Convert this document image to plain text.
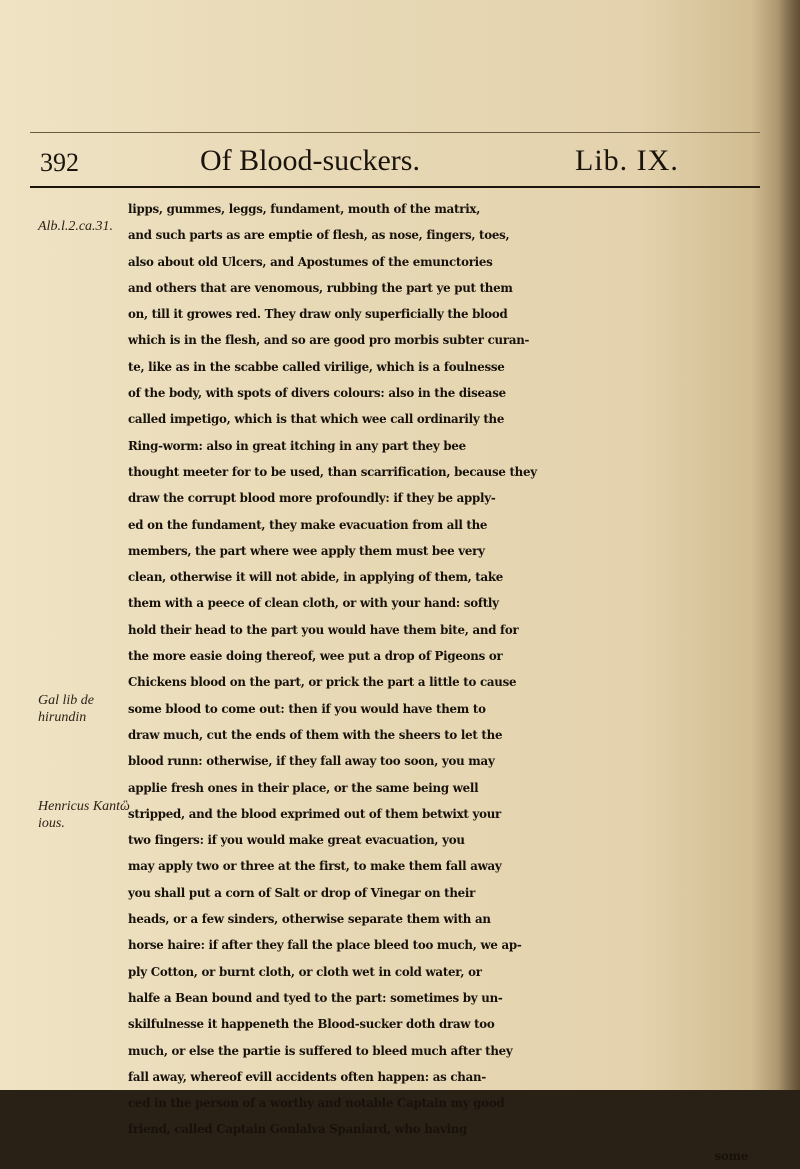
392	Of Blood-suckers.	Lib. IX.
Alb.l.2.ca.31.
Gal lib de hirundin
Henricus Kantὣ ious.
lipps, gummes, leggs, fundament, mouth of the matrix,
and such parts as are emptie of flesh, as nose, fingers, toes,
also about old Ulcers, and Apostumes of the emunctories
and others that are venomous, rubbing the part ye put them
on, till it growes red. They draw only superficially the blood
which is in the flesh, and so are good pro morbis subter curan-
te, like as in the scabbe called virilige, which is a foulnesse
of the body, with spots of divers colours: also in the disease
called impetigo, which is that which wee call ordinarily the
Ring-worm: also in great itching in any part they bee
thought meeter for to be used, than scarrification, because they
draw the corrupt blood more profoundly: if they be apply-
ed on the fundament, they make evacuation from all the
members, the part where wee apply them must bee very
clean, otherwise it will not abide, in applying of them, take
them with a peece of clean cloth, or with your hand: softly
hold their head to the part you would have them bite, and for
the more easie doing thereof, wee put a drop of Pigeons or
Chickens blood on the part, or prick the part a little to cause
some blood to come out: then if you would have them to
draw much, cut the ends of them with the sheers to let the
blood runn: otherwise, if they fall away too soon, you may
applie fresh ones in their place, or the same being well
stripped, and the blood exprimed out of them betwixt your
two fingers: if you would make great evacuation, you
may apply two or three at the first, to make them fall away
you shall put a corn of Salt or drop of Vinegar on their
heads, or a few sinders, otherwise separate them with an
horse haire: if after they fall the place bleed too much, we ap-
ply Cotton, or burnt cloth, or cloth wet in cold water, or
halfe a Bean bound and tyed to the part: sometimes by un-
skilfulnesse it happeneth the Blood-sucker doth draw too
much, or else the partie is suffered to bleed much after they
fall away, whereof evill accidents often happen: as chan-
ced in the person of a worthy and notable Captain my good
friend, called Captain Gonlalva Spaniard, who having
some
